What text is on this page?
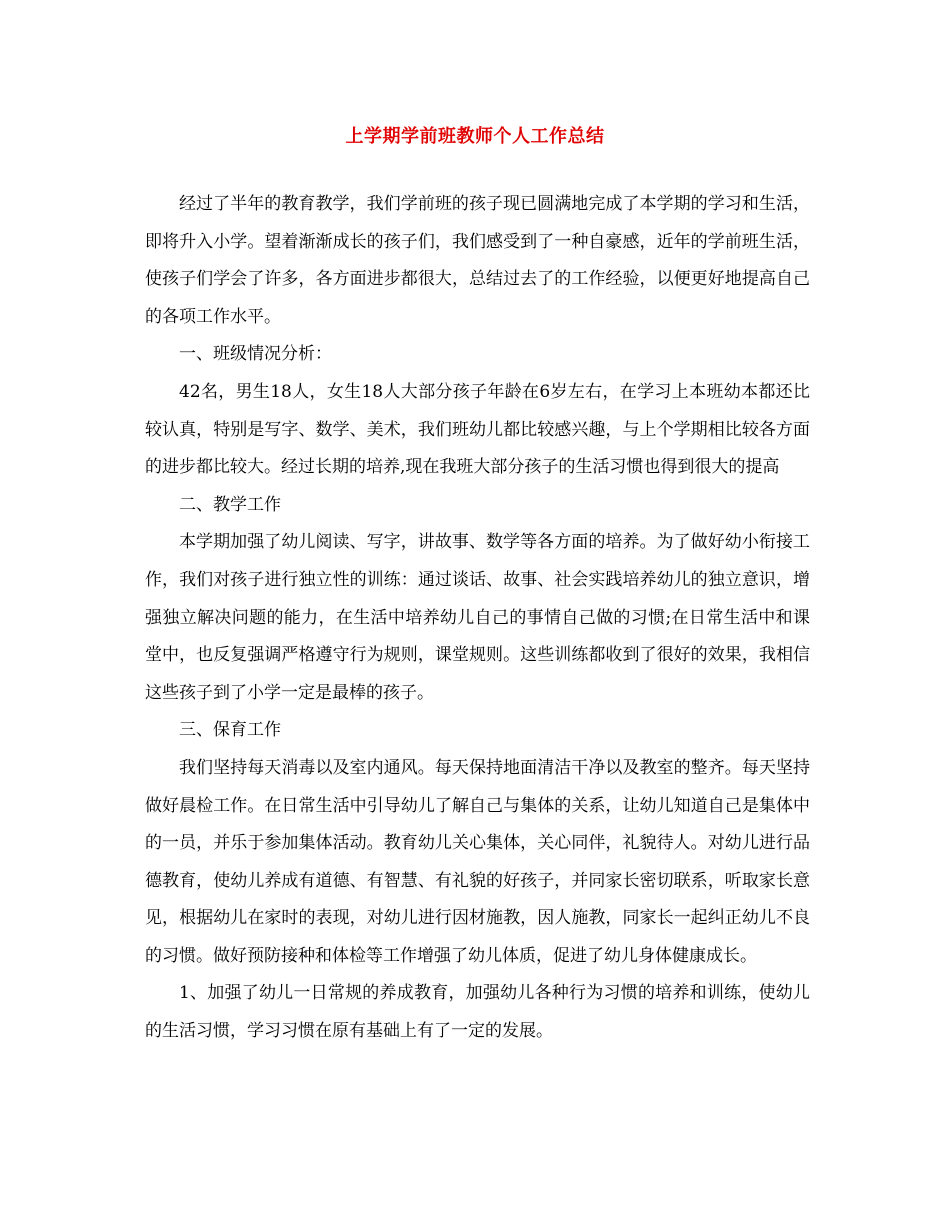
上学期学前班教师个人工作总结

经过了半年的教育教学，我们学前班的孩子现已圆满地完成了本学期的学习和生活，即将升入小学。望着渐渐成长的孩子们，我们感受到了一种自豪感，近年的学前班生活，使孩子们学会了许多，各方面进步都很大，总结过去了的工作经验，以便更好地提高自己的各项工作水平。

一、班级情况分析：

42名，男生18人，女生18人大部分孩子年龄在6岁左右，在学习上本班幼本都还比较认真，特别是写字、数学、美术，我们班幼儿都比较感兴趣，与上个学期相比较各方面的进步都比较大。经过长期的培养,现在我班大部分孩子的生活习惯也得到很大的提高

二、教学工作

本学期加强了幼儿阅读、写字，讲故事、数学等各方面的培养。为了做好幼小衔接工作，我们对孩子进行独立性的训练：通过谈话、故事、社会实践培养幼儿的独立意识，增强独立解决问题的能力，在生活中培养幼儿自己的事情自己做的习惯;在日常生活中和课堂中，也反复强调严格遵守行为规则，课堂规则。这些训练都收到了很好的效果，我相信这些孩子到了小学一定是最棒的孩子。

三、保育工作

我们坚持每天消毒以及室内通风。每天保持地面清洁干净以及教室的整齐。每天坚持做好晨检工作。在日常生活中引导幼儿了解自己与集体的关系，让幼儿知道自己是集体中的一员，并乐于参加集体活动。教育幼儿关心集体，关心同伴，礼貌待人。对幼儿进行品德教育，使幼儿养成有道德、有智慧、有礼貌的好孩子，并同家长密切联系，听取家长意见，根据幼儿在家时的表现，对幼儿进行因材施教，因人施教，同家长一起纠正幼儿不良的习惯。做好预防接种和体检等工作增强了幼儿体质，促进了幼儿身体健康成长。

1、加强了幼儿一日常规的养成教育，加强幼儿各种行为习惯的培养和训练，使幼儿的生活习惯，学习习惯在原有基础上有了一定的发展。
